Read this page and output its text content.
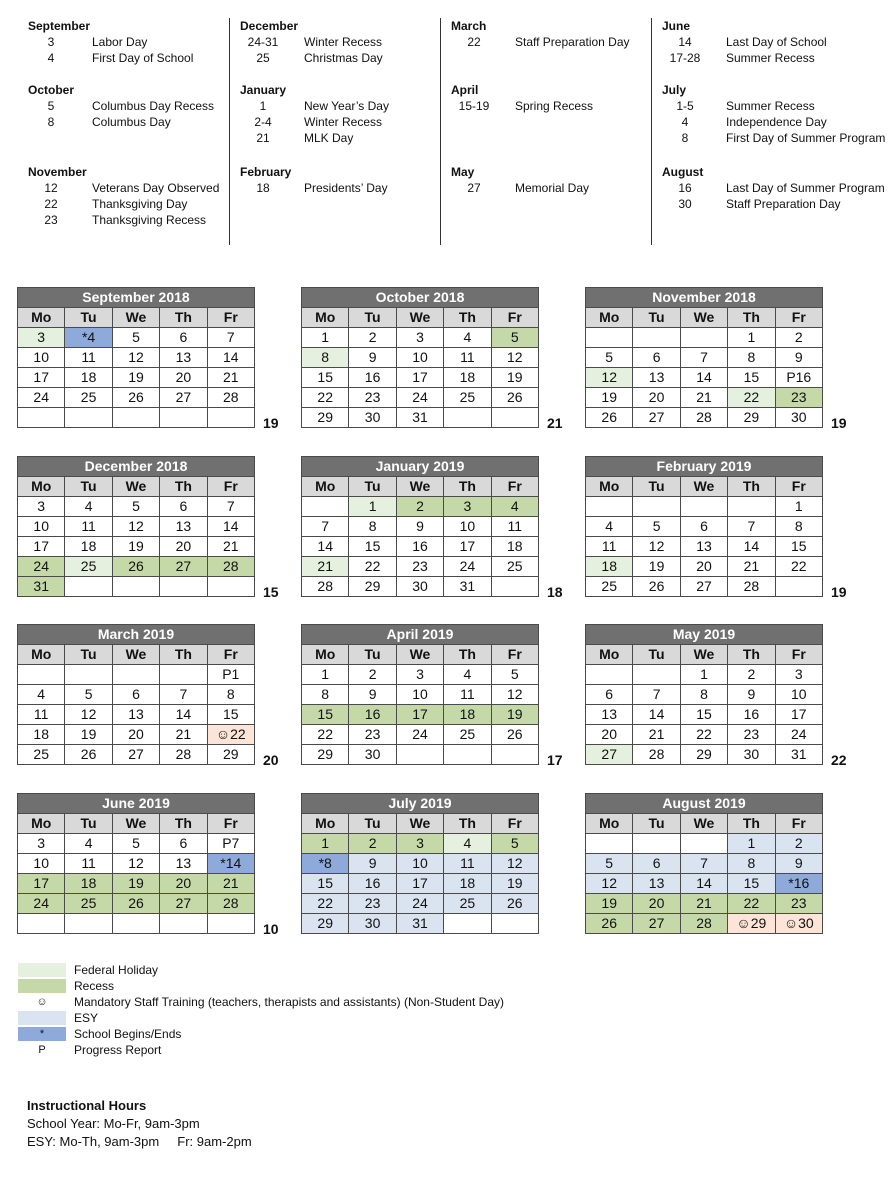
September
3	Labor Day
4	First Day of School
October
5	Columbus Day Recess
8	Columbus Day
November
12	Veterans Day Observed
22	Thanksgiving Day
23	Thanksgiving Recess
December
24-31	Winter Recess
25	Christmas Day
January
1	New Year’s Day
2-4	Winter Recess
21	MLK Day
February
18	Presidents’ Day
March
22	Staff Preparation Day
April
15-19	Spring Recess
May
27	Memorial Day
June
14	Last Day of School
17-28	Summer Recess
July
1-5	Summer Recess
4	Independence Day
8	First Day of Summer Program
August
16	Last Day of Summer Program
30	Staff Preparation Day
September 2018				
Mo	Tu	We	Th	Fr
3	*4	5	6	7
10	11	12	13	14
17	18	19	20	21
24	25	26	27	28

19
October 2018				
Mo	Tu	We	Th	Fr
1	2	3	4	5
8	9	10	11	12
15	16	17	18	19
22	23	24	25	26
29	30	31			21
November 2018				
Mo	Tu	We	Th	Fr
			1	2
5	6	7	8	9
12	13	14	15	P16
19	20	21	22	23
26	27	28	29	30 19
December 2018				
Mo	Tu	We	Th	Fr
3	4	5	6	7
10	11	12	13	14
17	18	19	20	21
24	25	26	27	28
31					15
January 2019				
Mo	Tu	We	Th	Fr
	1	2	3	4
7	8	9	10	11
14	15	16	17	18
21	22	23	24	25
28	29	30	31		18
February 2019				
Mo	Tu	We	Th	Fr
				1
4	5	6	7	8
11	12	13	14	15
18	19	20	21	22
25	26	27	28		19
March 2019				
Mo	Tu	We	Th	Fr
				P1
4	5	6	7	8
11	12	13	14	15
18	19	20	21	☺22
25	26	27	28	29 20
April 2019				
Mo	Tu	We	Th	Fr
1	2	3	4	5
8	9	10	11	12
15	16	17	18	19
22	23	24	25	26
29	30				17
May 2019				
Mo	Tu	We	Th	Fr
		1	2	3
6	7	8	9	10
13	14	15	16	17
20	21	22	23	24
27	28	29	30	31 22
June 2019				
Mo	Tu	We	Th	Fr
3	4	5	6	P7
10	11	12	13	*14
17	18	19	20	21
24	25	26	27	28

10
July 2019				
Mo	Tu	We	Th	Fr
1	2	3	4	5
*8	9	10	11	12
15	16	17	18	19
22	23	24	25	26
29	30	31		
August 2019				
Mo	Tu	We	Th	Fr
			1	2
5	6	7	8	9
12	13	14	15	*16
19	20	21	22	23
26	27	28	☺29	☺30
Federal Holiday
Recess
☺	Mandatory Staff Training (teachers, therapists and assistants) (Non-Student Day)
ESY
*	School Begins/Ends
P	Progress Report
Instructional Hours
School Year: Mo-Fr, 9am-3pm
ESY: Mo-Th, 9am-3pm     Fr: 9am-2pm
